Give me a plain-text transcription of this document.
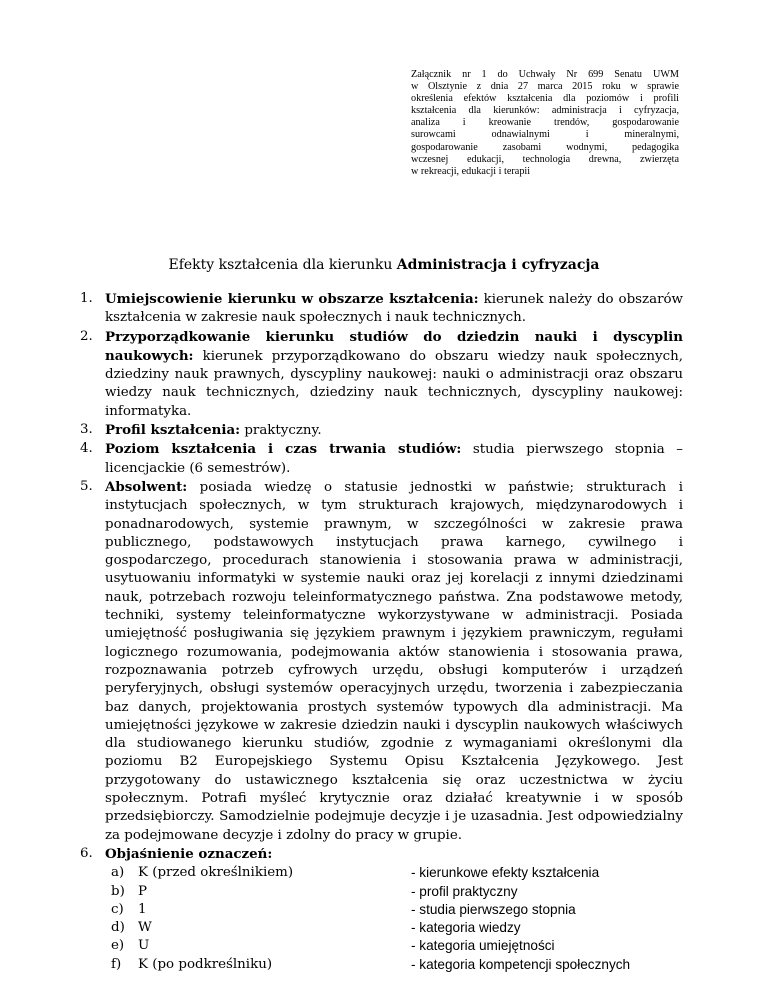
Załącznik nr 1 do Uchwały Nr 699 Senatu UWM
w Olsztynie z dnia 27 marca 2015 roku w sprawie
określenia efektów kształcenia dla poziomów i profili
kształcenia dla kierunków: administracja i cyfryzacja,
analiza i kreowanie trendów, gospodarowanie
surowcami odnawialnymi i mineralnymi,
gospodarowanie zasobami wodnymi, pedagogika
wczesnej edukacji, technologia drewna, zwierzęta
w rekreacji, edukacji i terapii
Efekty kształcenia dla kierunku Administracja i cyfryzacja
1. Umiejscowienie kierunku w obszarze kształcenia: kierunek należy do obszarów kształcenia w zakresie nauk społecznych i nauk technicznych.
2. Przyporządkowanie kierunku studiów do dziedzin nauki i dyscyplin naukowych: kierunek przyporządkowano do obszaru wiedzy nauk społecznych, dziedziny nauk prawnych, dyscypliny naukowej: nauki o administracji oraz obszaru wiedzy nauk technicznych, dziedziny nauk technicznych, dyscypliny naukowej: informatyka.
3. Profil kształcenia: praktyczny.
4. Poziom kształcenia i czas trwania studiów: studia pierwszego stopnia – licencjackie (6 semestrów).
5. Absolwent: posiada wiedzę o statusie jednostki w państwie; strukturach i instytucjach społecznych, w tym strukturach krajowych, międzynarodowych i ponadnarodowych, systemie prawnym, w szczególności w zakresie prawa publicznego, podstawowych instytucjach prawa karnego, cywilnego i gospodarczego, procedurach stanowienia i stosowania prawa w administracji, usytuowaniu informatyki w systemie nauki oraz jej korelacji z innymi dziedzinami nauk, potrzebach rozwoju teleinformatycznego państwa. Zna podstawowe metody, techniki, systemy teleinformatyczne wykorzystywane w administracji. Posiada umiejętność posługiwania się językiem prawnym i językiem prawniczym, regułami logicznego rozumowania, podejmowania aktów stanowienia i stosowania prawa, rozpoznawania potrzeb cyfrowych urzędu, obsługi komputerów i urządzeń peryferyjnych, obsługi systemów operacyjnych urzędu, tworzenia i zabezpieczania baz danych, projektowania prostych systemów typowych dla administracji. Ma umiejętności językowe w zakresie dziedzin nauki i dyscyplin naukowych właściwych dla studiowanego kierunku studiów, zgodnie z wymaganiami określonymi dla poziomu B2 Europejskiego Systemu Opisu Kształcenia Językowego. Jest przygotowany do ustawicznego kształcenia się oraz uczestnictwa w życiu społecznym. Potrafi myśleć krytycznie oraz działać kreatywnie i w sposób przedsiębiorczy. Samodzielnie podejmuje decyzje i je uzasadnia. Jest odpowiedzialny za podejmowane decyzje i zdolny do pracy w grupie.
6. Objaśnienie oznaczeń:
a) K (przed określnikiem)	- kierunkowe efekty kształcenia
b) P	- profil praktyczny
c) 1	- studia pierwszego stopnia
d) W	- kategoria wiedzy
e) U	- kategoria umiejętności
f) K (po podkreślniku)	- kategoria kompetencji społecznych
